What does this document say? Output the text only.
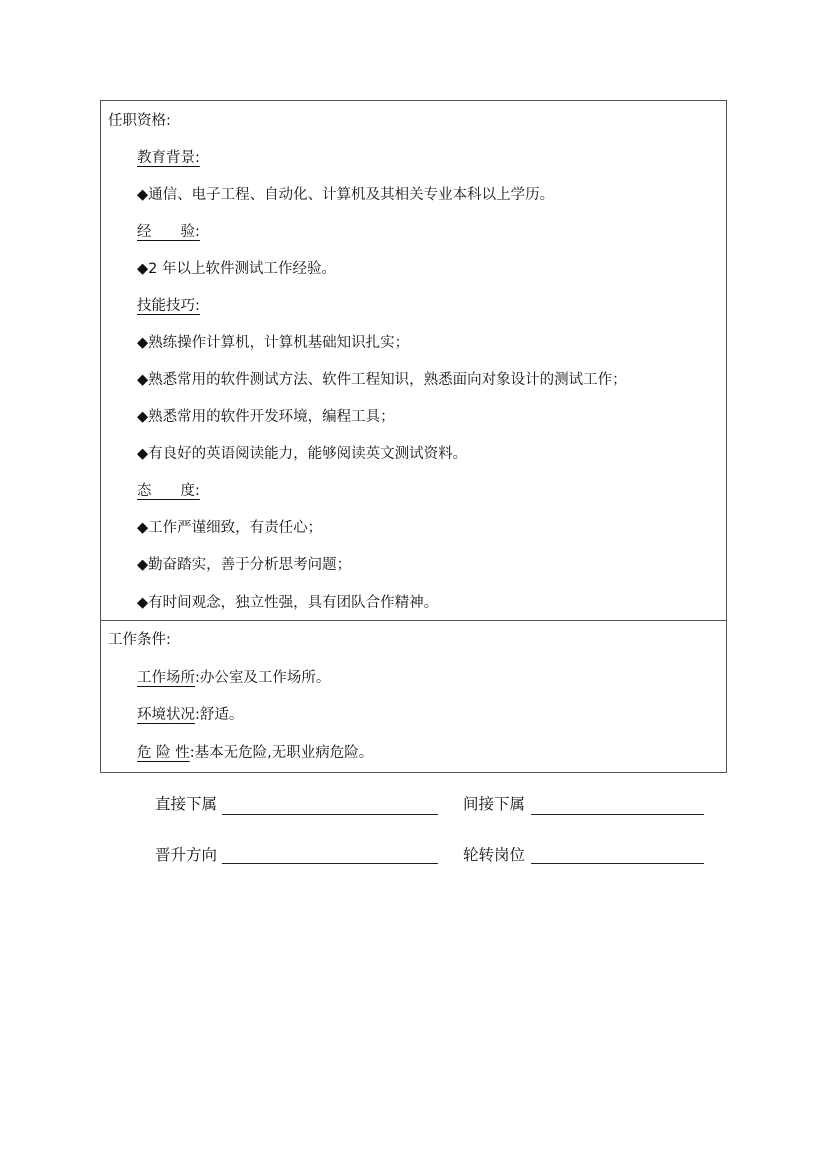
任职资格:
教育背景:
◆通信、电子工程、自动化、计算机及其相关专业本科以上学历。
经　　验:
◆2 年以上软件测试工作经验。
技能技巧:
◆熟练操作计算机，计算机基础知识扎实；
◆熟悉常用的软件测试方法、软件工程知识，熟悉面向对象设计的测试工作；
◆熟悉常用的软件开发环境，编程工具；
◆有良好的英语阅读能力，能够阅读英文测试资料。
态　　度:
◆工作严谨细致，有责任心；
◆勤奋踏实，善于分析思考问题；
◆有时间观念，独立性强，具有团队合作精神。
工作条件:
工作场所:办公室及工作场所。
环境状况:舒适。
危 险 性:基本无危险,无职业病危险。
直接下属	间接下属
晋升方向	轮转岗位
